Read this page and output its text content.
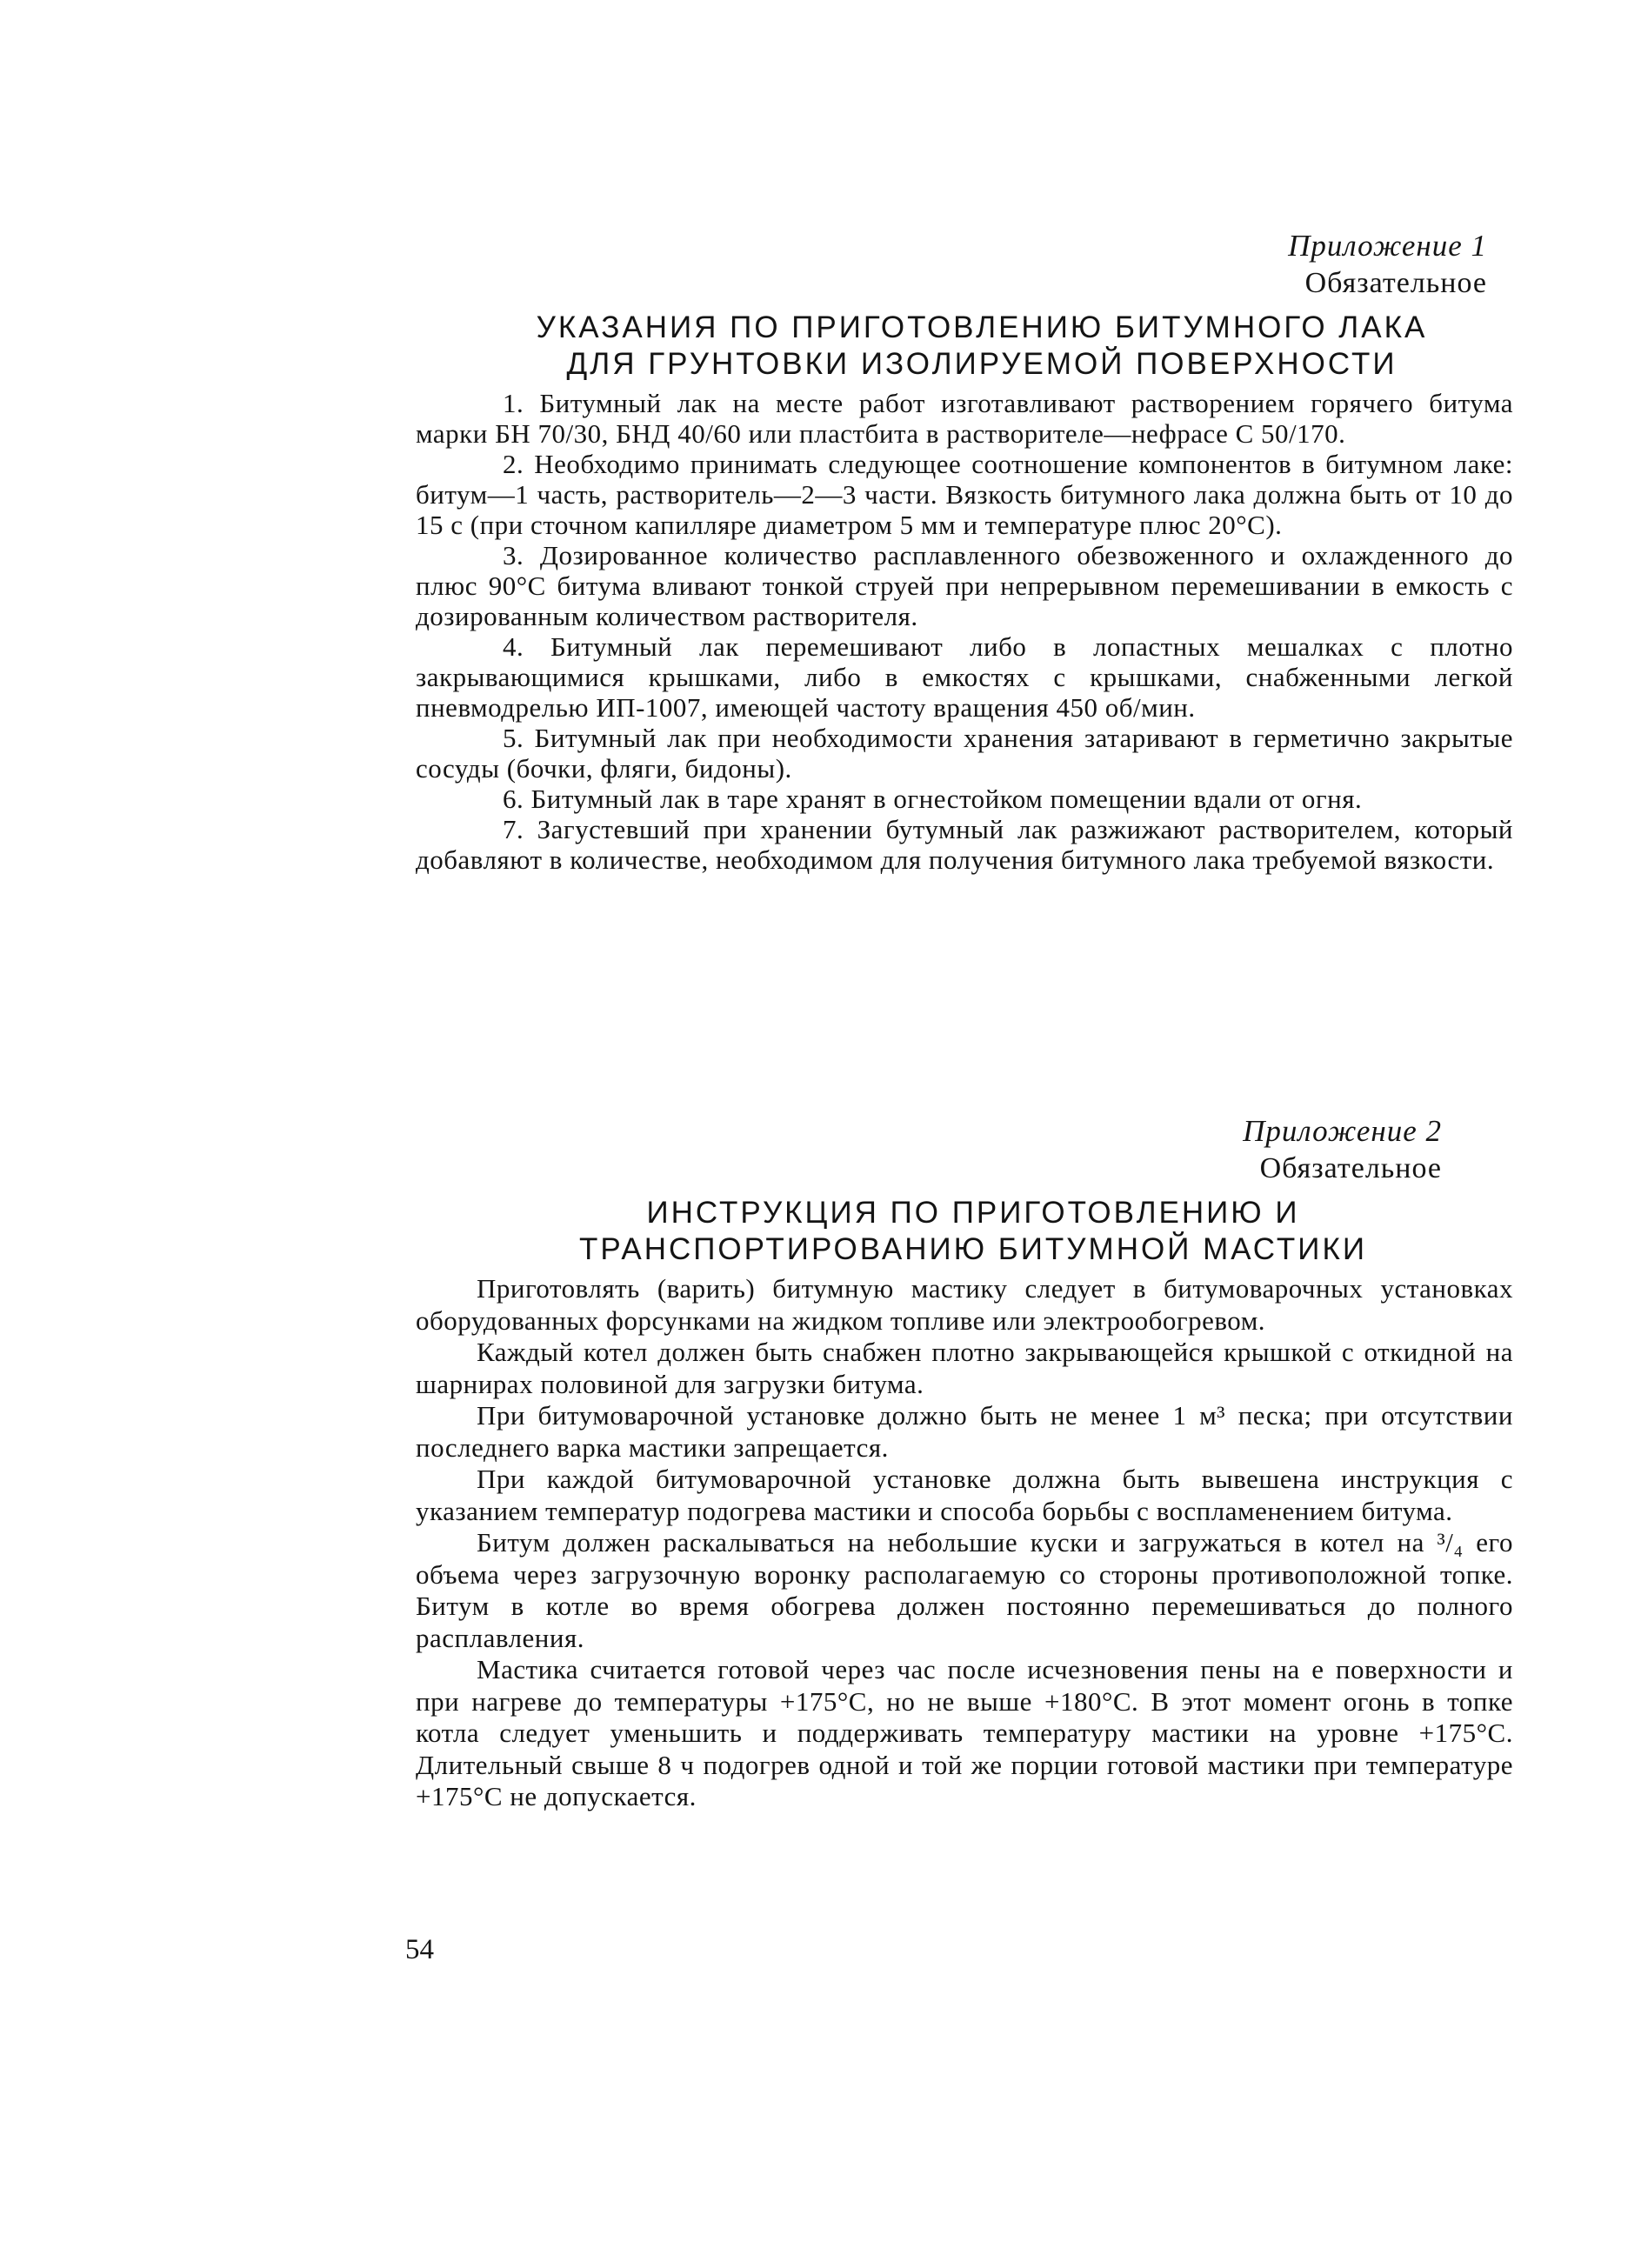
Приложение 1
Обязательное
УКАЗАНИЯ ПО ПРИГОТОВЛЕНИЮ БИТУМНОГО ЛАКА
ДЛЯ ГРУНТОВКИ ИЗОЛИРУЕМОЙ ПОВЕРХНОСТИ

1. Битумный лак на месте работ изготавливают растворением горячего битума марки БН 70/30, БНД 40/60 или пластбита в растворителе—нефрасе С 50/170.

2. Необходимо принимать следующее соотношение компонентов в битумном лаке: битум—1 часть, растворитель—2—3 части. Вязкость битумного лака должна быть от 10 до 15 с (при сточном капилляре диаметром 5 мм и температуре плюс 20°С).

3. Дозированное количество расплавленного обезвоженного и охлажденного до плюс 90°С битума вливают тонкой струей при непрерывном перемешивании в емкость с дозированным количеством растворителя.

4. Битумный лак перемешивают либо в лопастных мешалках с плотно закрывающимися крышками, либо в емкостях с крышками, снабженными легкой пневмодрелью ИП-1007, имеющей частоту вращения 450 об/мин.

5. Битумный лак при необходимости хранения затаривают в герметично закрытые сосуды (бочки, фляги, бидоны).

6. Битумный лак в таре хранят в огнестойком помещении вдали от огня.

7. Загустевший при хранении бутумный лак разжижают растворителем, который добавляют в количестве, необходимом для получения битумного лака требуемой вязкости.

Приложение 2
Обязательное
ИНСТРУКЦИЯ ПО ПРИГОТОВЛЕНИЮ И
ТРАНСПОРТИРОВАНИЮ БИТУМНОЙ МАСТИКИ

Приготовлять (варить) битумную мастику следует в битумоварочных установках оборудованных форсунками на жидком топливе или электрообогревом.

Каждый котел должен быть снабжен плотно закрывающейся крышкой с откидной на шарнирах половиной для загрузки битума.

При битумоварочной установке должно быть не менее 1 м³ песка; при отсутствии последнего варка мастики запрещается.

При каждой битумоварочной установке должна быть вывешена инструкция с указанием температур подогрева мастики и способа борьбы с воспламенением битума.

Битум должен раскалываться на небольшие куски и загружаться в котел на ³/₄ его объема через загрузочную воронку располагаемую со стороны противоположной топке. Битум в котле во время обогрева должен постоянно перемешиваться до полного расплавления.

Мастика считается готовой через час после исчезновения пены на е поверхности и при нагреве до температуры +175°С, но не выше +180°С. В этот момент огонь в топке котла следует уменьшить и поддерживать температуру мастики на уровне +175°С. Длительный свыше 8 ч подогрев одной и той же порции готовой мастики при температуре +175°С не допускается.

54
